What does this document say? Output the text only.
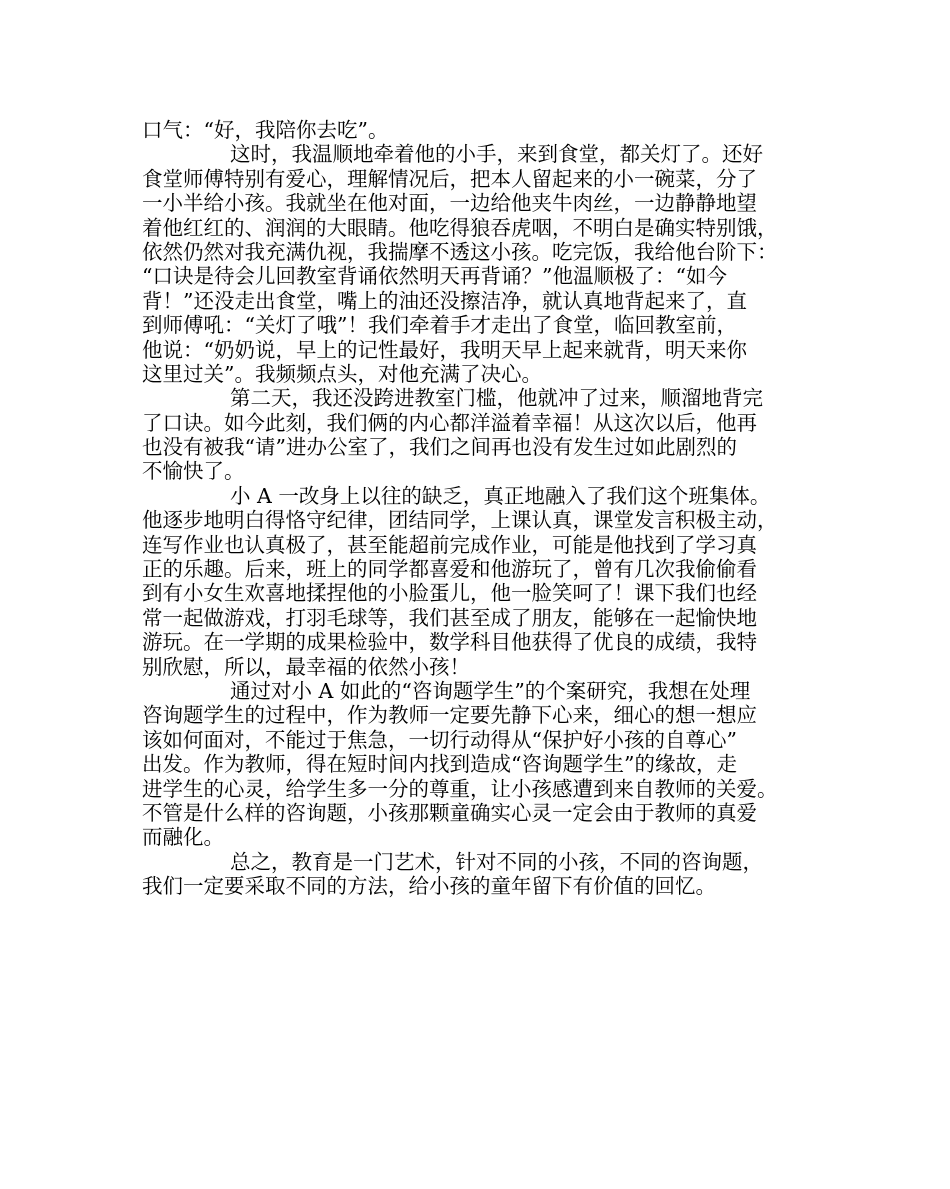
口气：“好，我陪你去吃”。
这时，我温顺地牵着他的小手，来到食堂，都关灯了。还好
食堂师傅特别有爱心，理解情况后，把本人留起来的小一碗菜，分了
一小半给小孩。我就坐在他对面，一边给他夹牛肉丝，一边静静地望
着他红红的、润润的大眼睛。他吃得狼吞虎咽，不明白是确实特别饿，
依然仍然对我充满仇视，我揣摩不透这小孩。吃完饭，我给他台阶下：
“口诀是待会儿回教室背诵依然明天再背诵？”他温顺极了：“如今
背！”还没走出食堂，嘴上的油还没擦洁净，就认真地背起来了，直
到师傅吼：“关灯了哦”！我们牵着手才走出了食堂，临回教室前，
他说：“奶奶说，早上的记性最好，我明天早上起来就背，明天来你
这里过关”。我频频点头，对他充满了决心。
第二天，我还没跨进教室门槛，他就冲了过来，顺溜地背完
了口诀。如今此刻，我们俩的内心都洋溢着幸福！从这次以后，他再
也没有被我“请”进办公室了，我们之间再也没有发生过如此剧烈的
不愉快了。
小 A 一改身上以往的缺乏，真正地融入了我们这个班集体。
他逐步地明白得恪守纪律，团结同学，上课认真，课堂发言积极主动，
连写作业也认真极了，甚至能超前完成作业，可能是他找到了学习真
正的乐趣。后来，班上的同学都喜爱和他游玩了，曾有几次我偷偷看
到有小女生欢喜地揉捏他的小脸蛋儿，他一脸笑呵了！课下我们也经
常一起做游戏，打羽毛球等，我们甚至成了朋友，能够在一起愉快地
游玩。在一学期的成果检验中，数学科目他获得了优良的成绩，我特
别欣慰，所以，最幸福的依然小孩！
通过对小 A 如此的“咨询题学生”的个案研究，我想在处理
咨询题学生的过程中，作为教师一定要先静下心来，细心的想一想应
该如何面对，不能过于焦急，一切行动得从“保护好小孩的自尊心”
出发。作为教师，得在短时间内找到造成“咨询题学生”的缘故，走
进学生的心灵，给学生多一分的尊重，让小孩感遭到来自教师的关爱。
不管是什么样的咨询题，小孩那颗童确实心灵一定会由于教师的真爱
而融化。
总之，教育是一门艺术，针对不同的小孩，不同的咨询题，
我们一定要采取不同的方法，给小孩的童年留下有价值的回忆。
